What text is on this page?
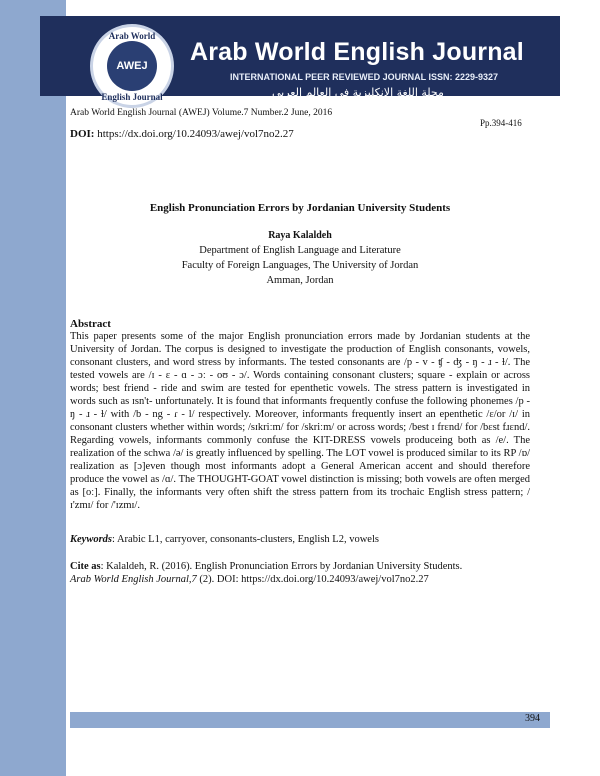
Arab World
AWEJ
English Journal
Arab World English Journal
INTERNATIONAL PEER REVIEWED JOURNAL ISSN: 2229-9327
مجلة اللغة الانكليزية في العالم العربي
Arab World English Journal (AWEJ) Volume.7 Number.2 June, 2016
Pp.394-416
DOI: https://dx.doi.org/10.24093/awej/vol7no2.27
English Pronunciation Errors by Jordanian University Students
Raya Kalaldeh
Department of English Language and Literature
Faculty of Foreign Languages, The University of Jordan
Amman, Jordan
Abstract
This paper presents some of the major English pronunciation errors made by Jordanian students at the University of Jordan. The corpus is designed to investigate the production of English consonants, vowels, consonant clusters, and word stress by informants. The tested consonants are /p - v - ʧ - ʤ - ŋ - ɹ - ɫ/. The tested vowels are /ɪ - ɛ - ɑ - ɔː - oʊ - ɔ/. Words containing consonant clusters; square - explain or across words; best friend - ride and swim are tested for epenthetic vowels. The stress pattern is investigated in words such as ɪsn't- unfortunately. It is found that informants frequently confuse the following phonemes /p - ŋ - ɹ - ɫ/ with /b - ng - ɾ - l/ respectively. Moreover, informants frequently insert an epenthetic /ɛ/or /ɪ/ in consonant clusters whether within words; /sɪkriːm/ for /skriːm/ or across words; /best ɪ frɛnd/ for /bɛst fɹɛnd/. Regarding vowels, informants commonly confuse the KIT-DRESS vowels produceing both as /e/. The realization of the schwa /ə/ is greatly influenced by spelling. The LOT vowel is produced similar to its RP /ɒ/ realization as [ɔ]even though most informants adopt a General American accent and should therefore produce the vowel as /ɑ/. The THOUGHT-GOAT vowel distinction is missing; both vowels are often merged as [oː]. Finally, the informants very often shift the stress pattern from its trochaic English stress pattern; /ɪ'zmɪ/ for /'ɪzmɪ/.
Keywords: Arabic L1, carryover, consonants-clusters, English L2, vowels
Cite as: Kalaldeh, R. (2016). English Pronunciation Errors by Jordanian University Students.
Arab World English Journal,7 (2). DOI: https://dx.doi.org/10.24093/awej/vol7no2.27
394
